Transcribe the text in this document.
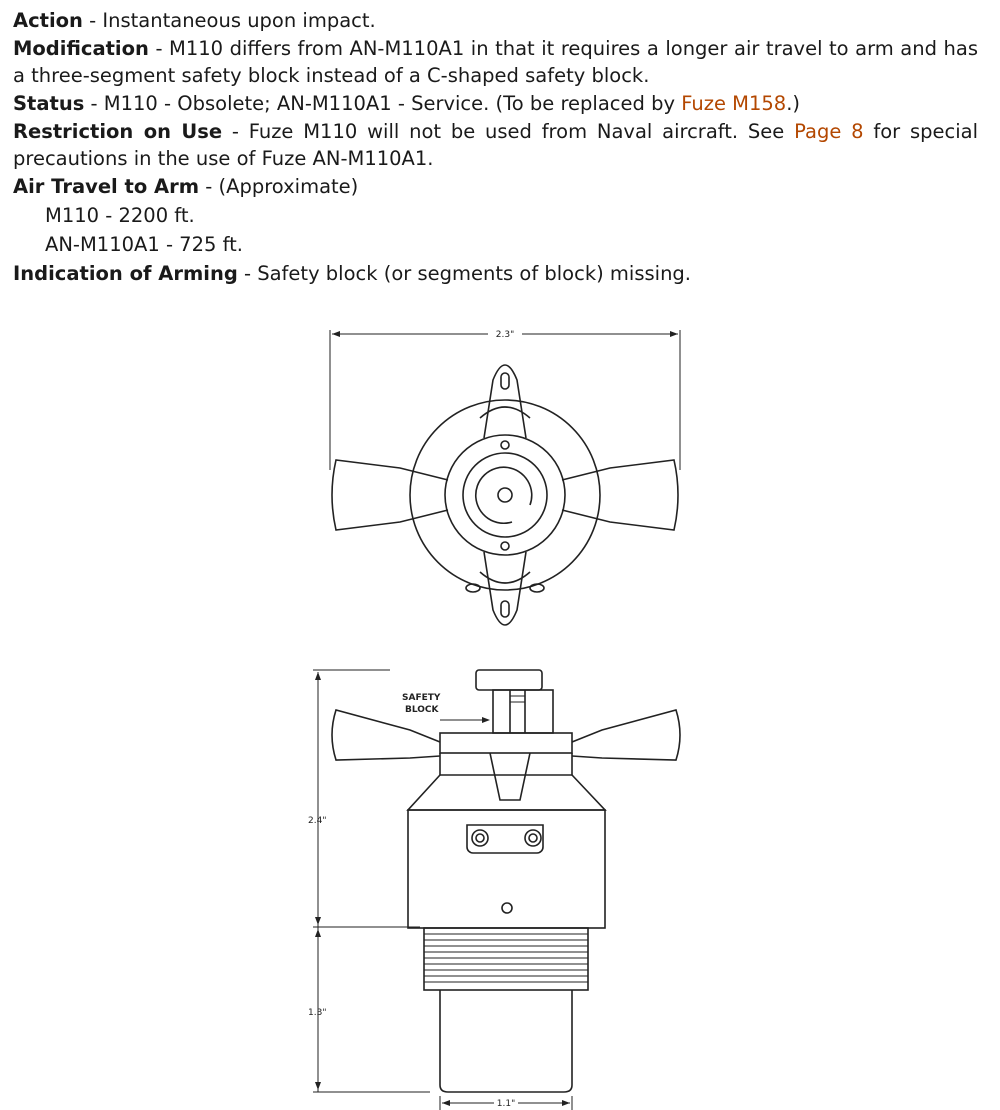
Action - Instantaneous upon impact.

Modification - M110 differs from AN-M110A1 in that it requires a longer air travel to arm and has a three-segment safety block instead of a C-shaped safety block.

Status - M110 - Obsolete; AN-M110A1 - Service. (To be replaced by Fuze M158.)

Restriction on Use - Fuze M110 will not be used from Naval aircraft. See Page 8 for special precautions in the use of Fuze AN-M110A1.

Air Travel to Arm - (Approximate)

M110 - 2200 ft.

AN-M110A1 - 725 ft.

Indication of Arming - Safety block (or segments of block) missing.

2.3"
2.4"
1.3"
SAFETY
BLOCK
1.1"
